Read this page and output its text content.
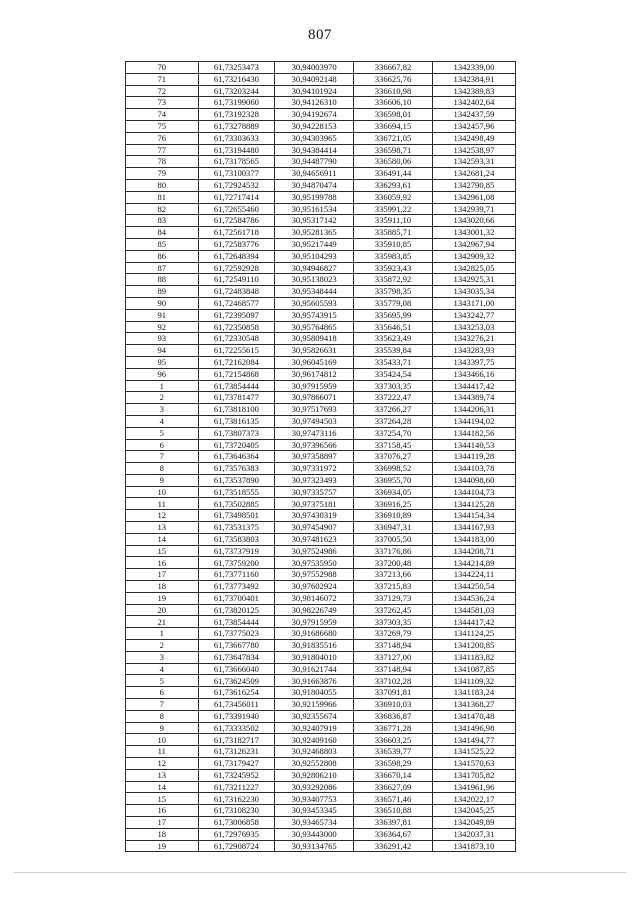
807
70	61,73253473	30,94003970	336667,82	1342339,00
71	61,73216430	30,94092148	336625,76	1342384,91
72	61,73203244	30,94101924	336610,98	1342389,83
73	61,73199060	30,94126310	336606,10	1342402,64
74	61,73192328	30,94192674	336598,01	1342437,59
75	61,73278889	30,94228153	336694,15	1342457,96
76	61,73303633	30,94303965	336721,05	1342498,49
77	61,73194480	30,94384414	336598,71	1342538,97
78	61,73178565	30,94487790	336580,06	1342593,31
79	61,73100377	30,94656911	336491,44	1342681,24
80	61,72924532	30,94870474	336293,61	1342790,85
81	61,72717414	30,95199788	336059,92	1342961,08
82	61,72655460	30,95161534	335991,22	1342939,71
83	61,72584786	30,95317142	335911,10	1343020,66
84	61,72561718	30,95281365	335885,71	1343001,32
85	61,72583776	30,95217449	335910,85	1342967,94
86	61,72648394	30,95104293	335983,85	1342909,32
87	61,72592928	30,94946827	335923,43	1342825,05
88	61,72549110	30,95138023	335872,92	1342925,31
89	61,72483848	30,95348444	335798,35	1343035,34
90	61,72468577	30,95605593	335779,08	1343171,00
91	61,72395097	30,95743915	335695,99	1343242,77
92	61,72350858	30,95764865	335646,51	1343253,03
93	61,72330548	30,95809418	335623,49	1343276,21
94	61,72255615	30,95826631	335539,84	1343283,93
95	61,72162084	30,96045169	335433,71	1343397,75
96	61,72154868	30,96174812	335424,54	1343466,16
1	61,73854444	30,97915959	337303,35	1344417,42
2	61,73781477	30,97866071	337222,47	1344389,74
3	61,73818100	30,97517693	337266,27	1344206,31
4	61,73816135	30,97494503	337264,28	1344194,02
5	61,73807373	30,97473116	337254,70	1344182,56
6	61,73720405	30,97396566	337158,45	1344140,53
7	61,73646364	30,97358897	337076,27	1344119,28
8	61,73576383	30,97331972	336998,52	1344103,78
9	61,73537890	30,97323493	336955,70	1344098,60
10	61,73518555	30,97335757	336934,05	1344104,73
11	61,73502885	30,97375181	336916,25	1344125,28
12	61,73498501	30,97430319	336910,89	1344154,34
13	61,73531375	30,97454907	336947,31	1344167,93
14	61,73583803	30,97481623	337005,50	1344183,00
15	61,73737919	30,97524986	337176,86	1344208,71
16	61,73759200	30,97535950	337200,48	1344214,89
17	61,73771160	30,97552988	337213,66	1344224,11
18	61,73773492	30,97602924	337215,83	1344250,54
19	61,73700401	30,98146072	337129,73	1344536,24
20	61,73820125	30,98226749	337262,45	1344581,03
21	61,73854444	30,97915959	337303,35	1344417,42
1	61,73775023	30,91686680	337269,79	1341124,25
2	61,73667780	30,91835516	337148,94	1341200,85
3	61,73647834	30,91804010	337127,00	1341183,82
4	61,73666040	30,91621744	337148,94	1341087,85
5	61,73624509	30,91663876	337102,28	1341109,32
6	61,73616254	30,91804055	337091,81	1341183,24
7	61,73456011	30,92159966	336910,03	1341368,27
8	61,73391940	30,92355674	336836,87	1341470,48
9	61,73333502	30,92407919	336771,28	1341496,98
10	61,73182717	30,92409160	336603,25	1341494,77
11	61,73126231	30,92468803	336539,77	1341525,22
12	61,73179427	30,92552808	336598,29	1341570,63
13	61,73245952	30,92806210	336670,14	1341705,82
14	61,73211227	30,93292086	336627,09	1341961,96
15	61,73162230	30,93407753	336571,46	1342022,17
16	61,73108230	30,93453345	336510,88	1342045,25
17	61,73006858	30,93465734	336397,81	1342049,89
18	61,72976935	30,93443000	336364,67	1342037,31
19	61,72908724	30,93134765	336291,42	1341873,10
